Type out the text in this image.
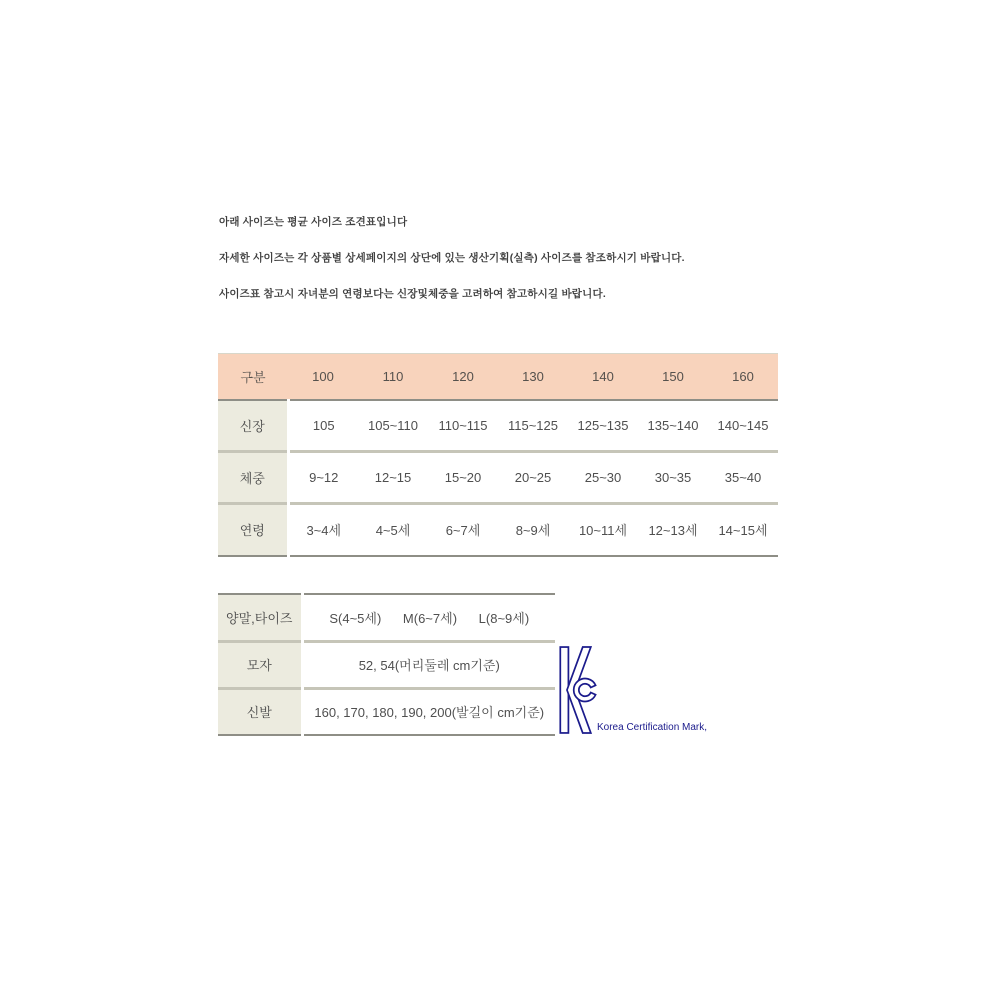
아래 사이즈는 평균 사이즈 조견표입니다

자세한 사이즈는 각 상품별 상세페이지의 상단에 있는 생산기획(실측) 사이즈를 참조하시기 바랍니다.

사이즈표 참고시 자녀분의 연령보다는 신장및체중을 고려하여 참고하시길 바랍니다.

구분	100	110	120	130	140	150	160
신장	105	105~110	110~115	115~125	125~135	135~140	140~145
체중	9~12	12~15	15~20	20~25	25~30	30~35	35~40
연령	3~4세	4~5세	6~7세	8~9세	10~11세	12~13세	14~15세
양말,타이즈	S(4~5세) M(6~7세) L(8~9세)
모자	52, 54(머리둘레 cm기준)
신발	160, 170, 180, 190, 200(발길이 cm기준)
Korea Certification Mark,
